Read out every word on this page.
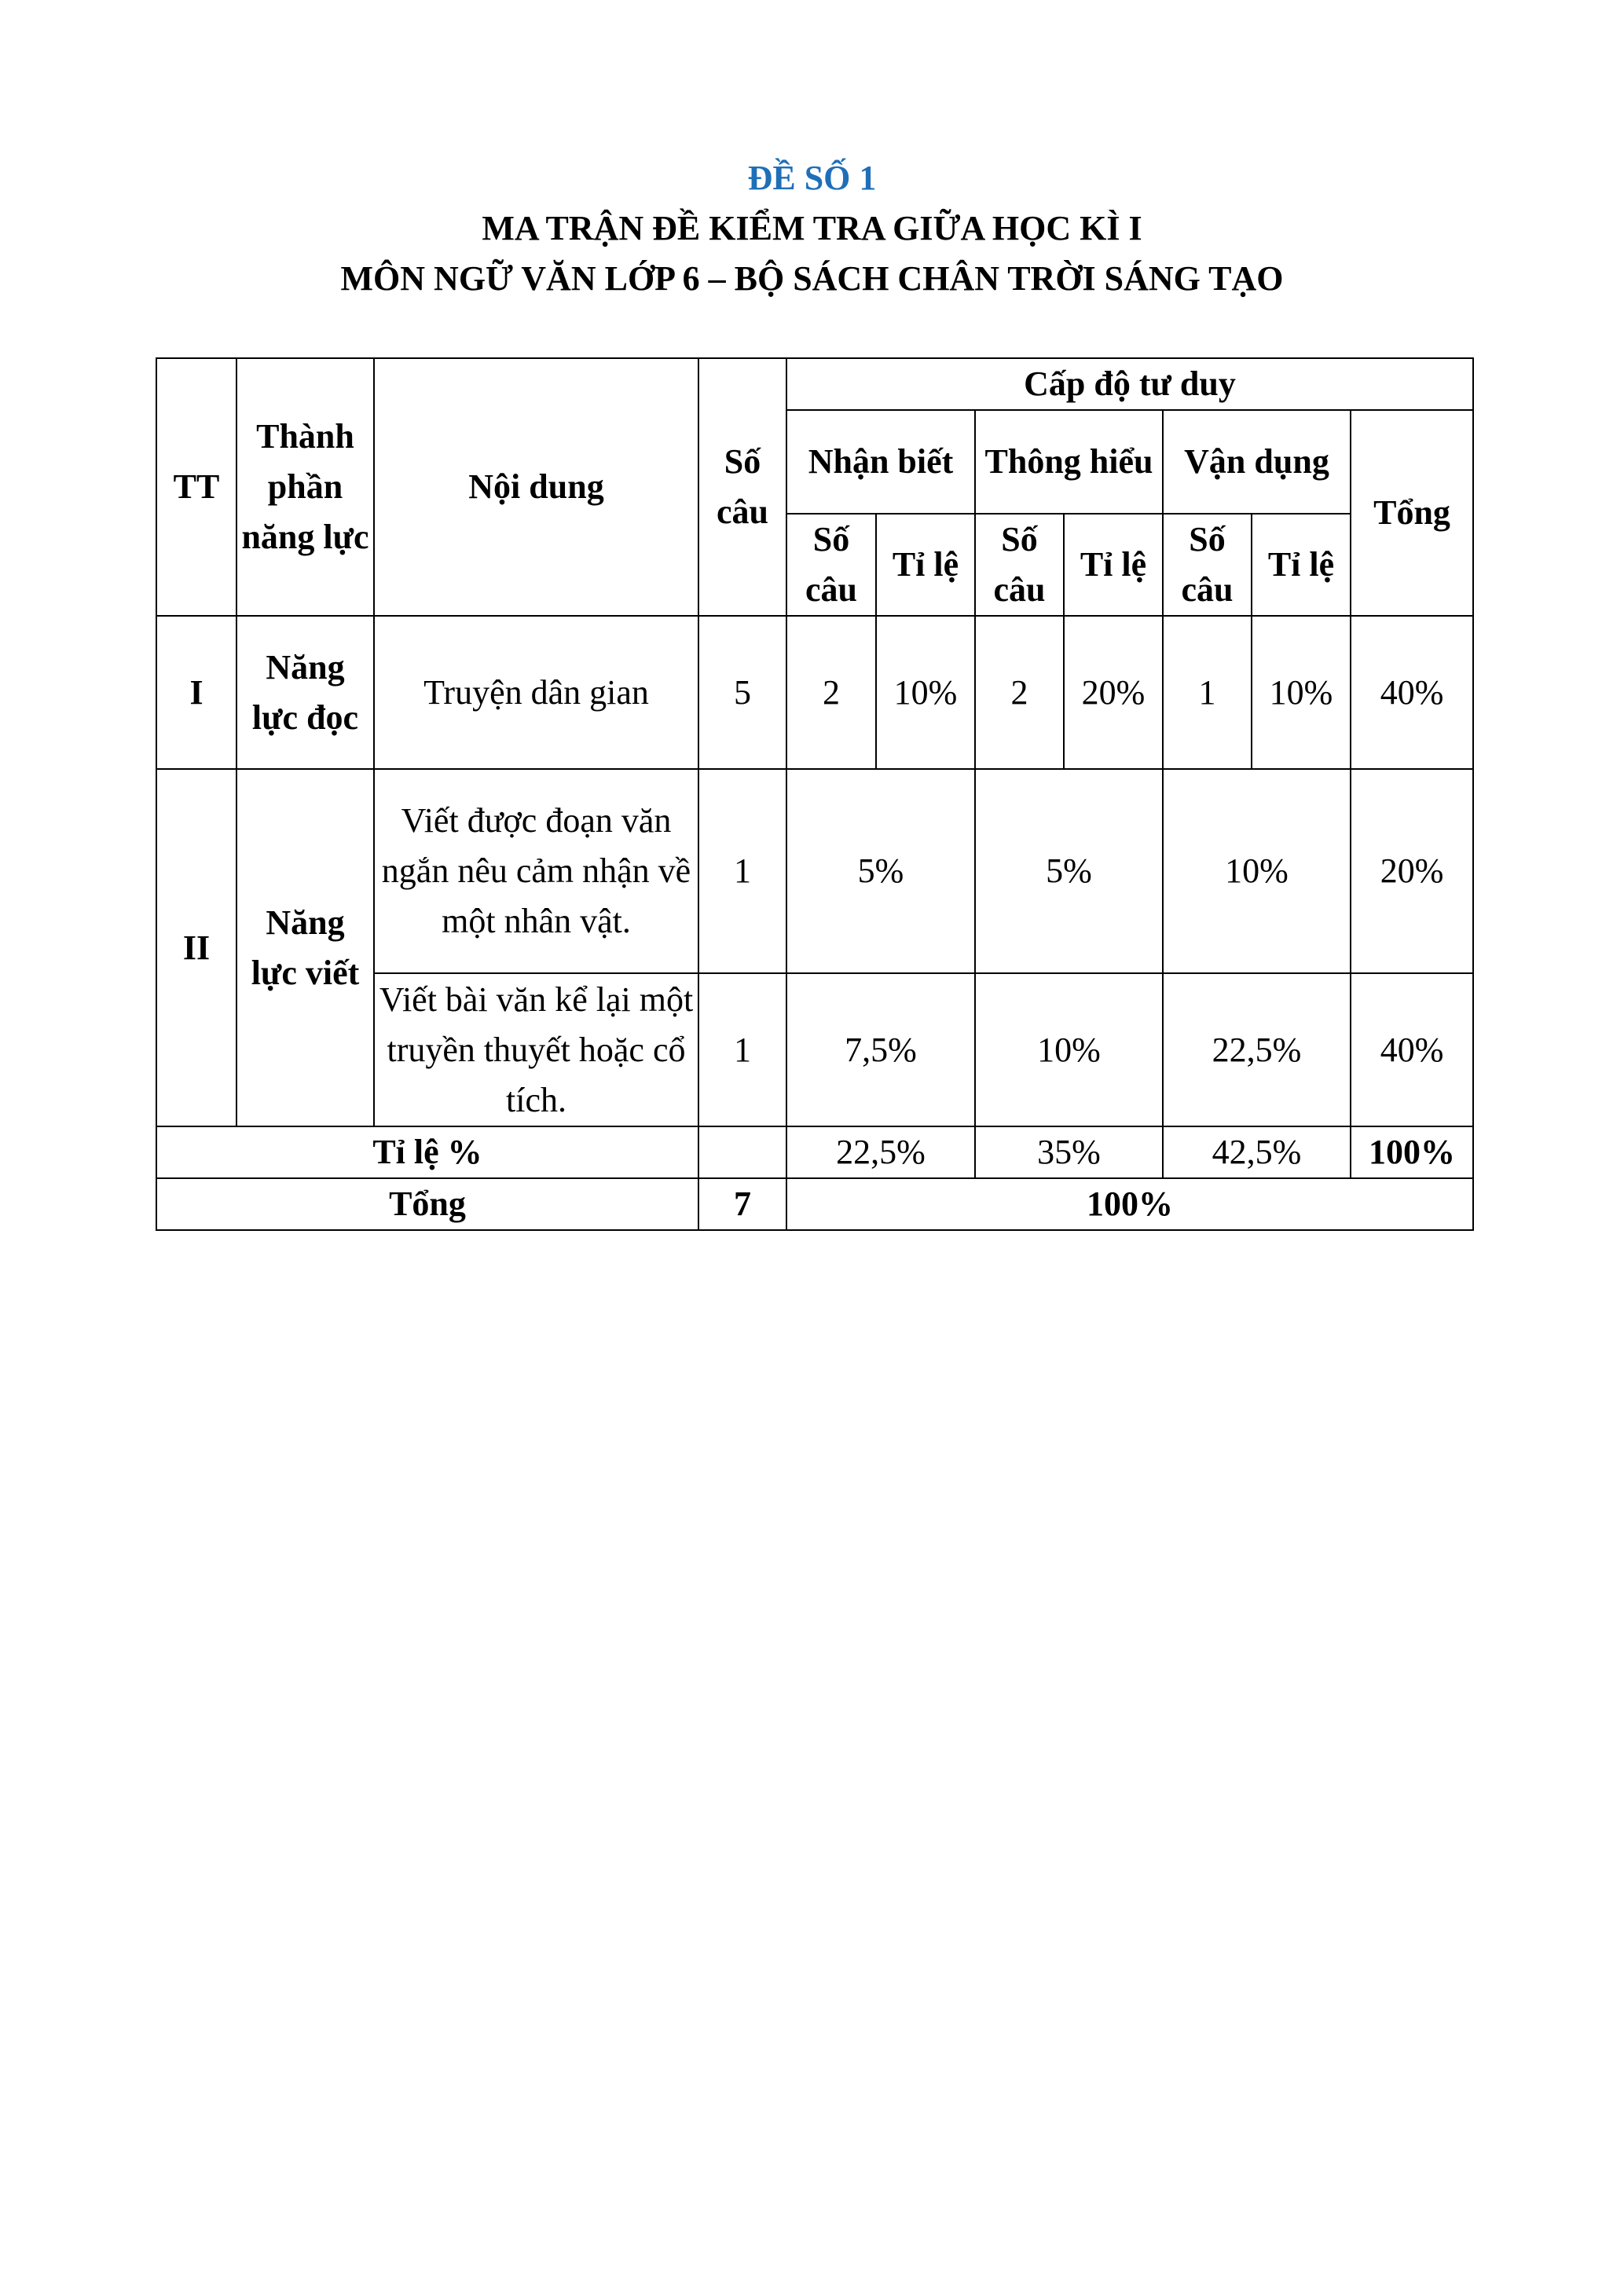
ĐỀ SỐ 1
MA TRẬN ĐỀ KIỂM TRA GIỮA HỌC KÌ I
MÔN NGỮ VĂN LỚP 6 – BỘ SÁCH CHÂN TRỜI SÁNG TẠO
TT	Thành phần năng lực	Nội dung	Số câu	Cấp độ tư duy						
				Nhận biết		Thông hiểu		Vận dụng		Tổng
				Số câu	Tỉ lệ	Số câu	Tỉ lệ	Số câu	Tỉ lệ	
I	Năng lực đọc	Truyện dân gian	5	2	10%	2	20%	1	10%	40%
II	Năng lực viết	Viết được đoạn văn ngắn nêu cảm nhận về một nhân vật.	1	5%		5%		10%		20%
		Viết bài văn kể lại một truyền thuyết hoặc cổ tích.	1	7,5%		10%		22,5%		40%
Tỉ lệ %				22,5%		35%		42,5%		100%
Tổng			7	100%						
